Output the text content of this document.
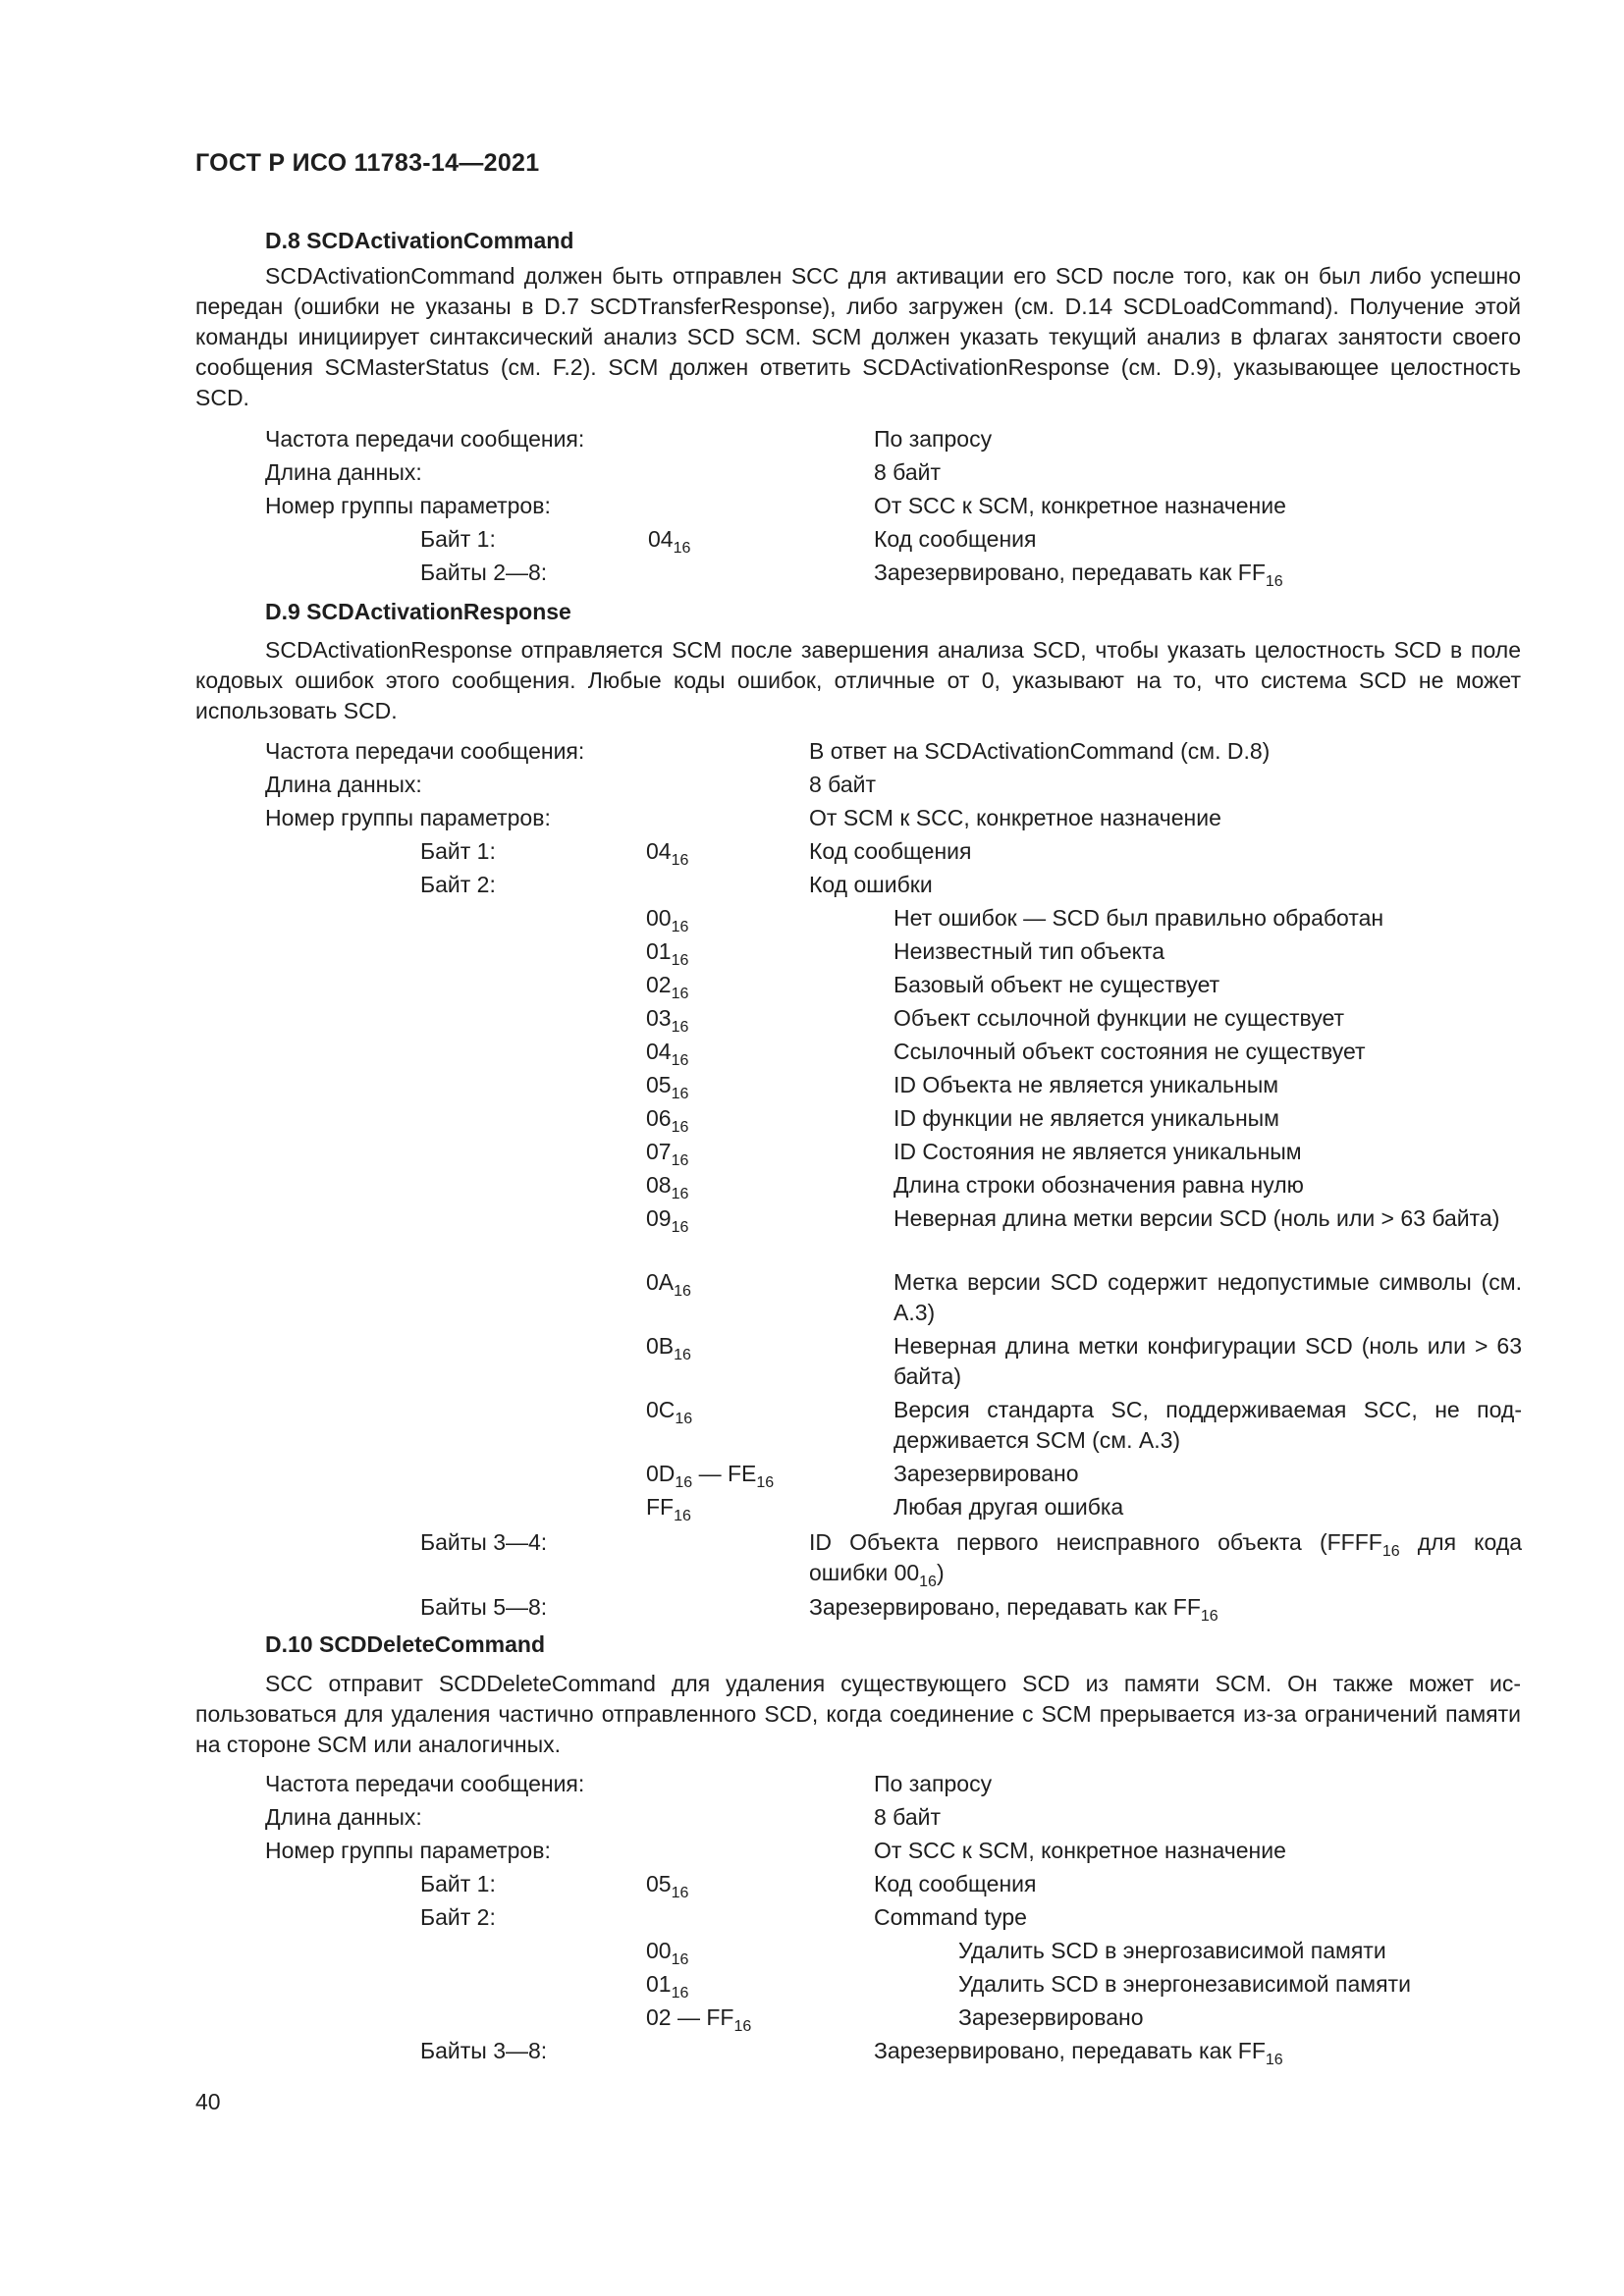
ГОСТ Р ИСО 11783-14—2021
D.8 SCDActivationCommand
SCDActivationCommand должен быть отправлен SCC для активации его SCD после того, как он был либо успешно передан (ошибки не указаны в D.7 SCDTransferResponse), либо загружен (см. D.14 SCDLoadCommand). Получение этой команды инициирует синтаксический анализ SCD SCM. SCM должен указать текущий анализ в флагах занятости своего сообщения SCMasterStatus (см. F.2). SCM должен ответить SCDActivationResponse (см. D.9), указывающее целостность SCD.
Частота передачи сообщения:	По запросу
Длина данных:	8 байт
Номер группы параметров:	От SCC к SCM, конкретное назначение
Байт 1:	$04_{16}$	Код сообщения
Байты 2—8:	Зарезервировано, передавать как $FF_{16}$
D.9 SCDActivationResponse
SCDActivationResponse отправляется SCM после завершения анализа SCD, чтобы указать целостность SCD в поле кодовых ошибок этого сообщения. Любые коды ошибок, отличные от 0, указывают на то, что система SCD не может использовать SCD.
Частота передачи сообщения:	В ответ на SCDActivationCommand (см. D.8)
Длина данных:	8 байт
Номер группы параметров:	От SCM к SCC, конкретное назначение
Байт 1:	$04_{16}$	Код сообщения
Байт 2:	Код ошибки
$00_{16}$	Нет ошибок — SCD был правильно обработан
$01_{16}$	Неизвестный тип объекта
$02_{16}$	Базовый объект не существует
$03_{16}$	Объект ссылочной функции не существует
$04_{16}$	Ссылочный объект состояния не существует
$05_{16}$	ID Объекта не является уникальным
$06_{16}$	ID функции не является уникальным
$07_{16}$	ID Состояния не является уникальным
$08_{16}$	Длина строки обозначения равна нулю
$09_{16}$	Неверная длина метки версии SCD (ноль или > 63 байта)
$0A_{16}$	Метка версии SCD содержит недопустимые символы (см. A.3)
$0B_{16}$	Неверная длина метки конфигурации SCD (ноль или > 63 байта)
$0C_{16}$	Версия стандарта SC, поддерживаемая SCC, не поддерживается SCM (см. A.3)
$0D_{16}$ — $FE_{16}$	Зарезервировано
$FF_{16}$	Любая другая ошибка
Байты 3—4:	ID Объекта первого неисправного объекта ($FFFF_{16}$ для кода ошибки $00_{16}$)
Байты 5—8:	Зарезервировано, передавать как $FF_{16}$
D.10 SCDDeleteCommand
SCC отправит SCDDeleteCommand для удаления существующего SCD из памяти SCM. Он также может использоваться для удаления частично отправленного SCD, когда соединение с SCM прерывается из-за ограничений памяти на стороне SCM или аналогичных.
Частота передачи сообщения:	По запросу
Длина данных:	8 байт
Номер группы параметров:	От SCC к SCM, конкретное назначение
Байт 1:	$05_{16}$	Код сообщения
Байт 2:	Command type
$00_{16}$	Удалить SCD в энергозависимой памяти
$01_{16}$	Удалить SCD в энергонезависимой памяти
02 — $FF_{16}$	Зарезервировано
Байты 3—8:	Зарезервировано, передавать как $FF_{16}$
40
